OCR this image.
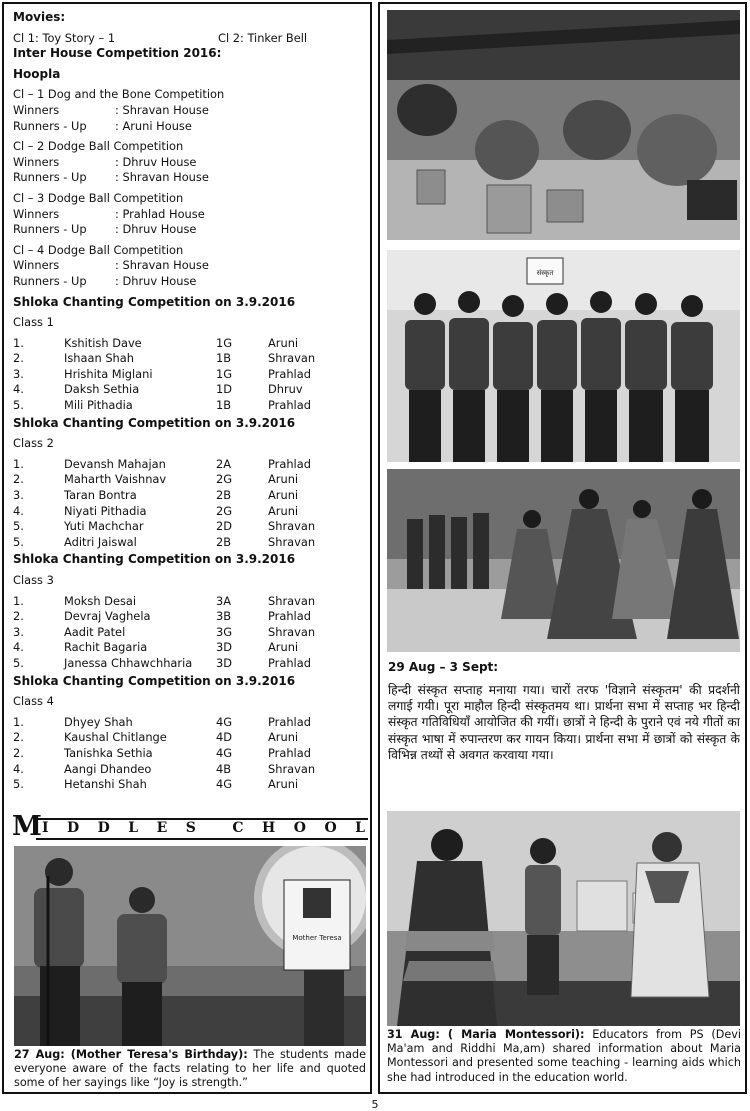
Movies:
Cl 1: Toy Story – 1	Cl 2: Tinker Bell
Inter House Competition 2016:
Hoopla
Cl – 1 Dog and the Bone Competition
Winners	: Shravan House
Runners - Up	: Aruni House
Cl – 2 Dodge Ball Competition
Winners	: Dhruv House
Runners - Up	: Shravan House
Cl – 3 Dodge Ball Competition
Winners	: Prahlad House
Runners - Up	: Dhruv House
Cl – 4 Dodge Ball Competition
Winners	: Shravan House
Runners - Up	: Dhruv House
Shloka Chanting Competition on 3.9.2016
Class 1
1.	Kshitish Dave	1G	Aruni
2.	Ishaan Shah	1B	Shravan
3.	Hrishita Miglani	1G	Prahlad
4.	Daksh Sethia	1D	Dhruv
5.	Mili Pithadia	1B	Prahlad
Shloka Chanting Competition on 3.9.2016
Class 2
1.	Devansh Mahajan	2A	Prahlad
2.	Maharth Vaishnav	2G	Aruni
3.	Taran Bontra	2B	Aruni
4.	Niyati Pithadia	2G	Aruni
5.	Yuti Machchar	2D	Shravan
5.	Aditri Jaiswal	2B	Shravan
Shloka Chanting Competition on 3.9.2016
Class 3
1.	Moksh Desai	3A	Shravan
2.	Devraj Vaghela	3B	Prahlad
3.	Aadit Patel	3G	Shravan
4.	Rachit Bagaria	3D	Aruni
5.	Janessa Chhawchharia	3D	Prahlad
Shloka Chanting Competition on 3.9.2016
Class 4
1.	Dhyey Shah	4G	Prahlad
2.	Kaushal Chitlange	4D	Aruni
2.	Tanishka Sethia	4G	Prahlad
4.	Aangi Dhandeo	4B	Shravan
5.	Hetanshi Shah	4G	Aruni
M I D D L E S	C H O O L
Mother Teresa
27 Aug: (Mother Teresa's Birthday): The students made everyone aware of the facts relating to her life and quoted some of her sayings like “Joy is strength.”
संस्कृत
29 Aug – 3 Sept:
हिन्दी संस्कृत सप्ताह मनाया गया। चारों तरफ 'विज्ञाने संस्कृतम' की प्रदर्शनी लगाई गयी। पूरा माहौल हिन्दी संस्कृतमय था। प्रार्थना सभा में सप्ताह भर हिन्दी संस्कृत गतिविधियाँ आयोजित की गयीं। छात्रों ने हिन्दी के पुराने एवं नये गीतों का संस्कृत भाषा में रुपान्तरण कर गायन किया। प्रार्थना सभा में छात्रों को संस्कृत के विभिन्न तथ्यों से अवगत करवाया गया।
31 Aug: ( Maria Montessori): Educators from PS (Devi Ma'am and Riddhi Ma,am) shared information about Maria Montessori and presented some teaching - learning aids which she had introduced in the education world.
5
